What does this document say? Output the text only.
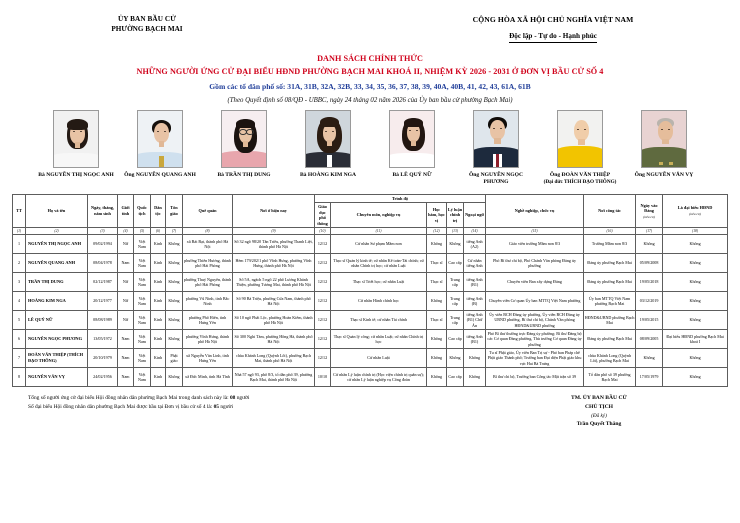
ỦY BAN BẦU CỬ
PHƯỜNG BẠCH MAI
CỘNG HÒA XÃ HỘI CHỦ NGHĨA VIỆT NAM
Độc lập - Tự do - Hạnh phúc
DANH SÁCH CHÍNH THỨC
NHỮNG NGƯỜI ỨNG CỬ ĐẠI BIỂU HĐND PHƯỜNG BẠCH MAI KHOÁ II, NHIỆM KỲ 2026 - 2031 Ở ĐƠN VỊ BẦU CỬ SỐ 4
Gồm các tổ dân phố số: 31A, 31B, 32A, 32B, 33, 34, 35, 36, 37, 38, 39, 40A, 40B, 41, 42, 43, 61A, 61B
(Theo Quyết định số 08/QĐ - UBBC, ngày 24 tháng 02 năm 2026 của Ủy ban bầu cử phường Bạch Mai)
Bà NGUYỄN THỊ NGỌC ANH Ông NGUYỄN QUANG ANH	Bà TRẦN THỊ DUNG	Bà HOÀNG KIM NGA	Bà LÊ QUÝ NỮ	Ông NGUYỄN NGỌC PHƯƠNG
Ông ĐOÀN VĂN THIỆP
(Đại đức THÍCH ĐẠO THÔNG)
Ông NGUYỄN VĂN VỴ
TT	Họ và tên	Ngày, tháng, năm sinh	Giới tính	Quốc tịch	Dân tộc	Tôn giáo	Quê quán	Nơi ở hiện nay	Trình độ					Nghề nghiệp, chức vụ	Nơi công tác	Ngày vào Đảng
(nếu có)	Là đại biểu HĐND
(nếu có)
									Giáo dục phổ thông	Chuyên môn, nghiệp vụ	Học hàm, học vị	Lý luận chính trị	Ngoại ngữ				
(1)	(2)	(3)	(4)	(5)	(6)	(7)	(8)	(9)	(10)	(11)	(12)	(13)	(14)	(15)	(16)	(17)	(18)
1	NGUYỄN THỊ NGỌC ANH	09/02/1994	Nữ	Việt Nam	Kinh	Không	xã Bát Bạt, thành phố Hà Nội	Số 32 ngõ 98/20 Tân Triều, phường Thanh Liệt, thành phố Hà Nội	12/12	Cử nhân Sư phạm Mầm non	Không	Không	tiếng Anh (A2)	Giáo viên trường Mầm non 8/3	Trường Mầm non 8/3	Không	Không
2	NGUYỄN QUANG ANH	08/04/1978	Nam	Việt Nam	Kinh	Không	phường Thiên Hương, thành phố Hải Phòng	Hẻm 179/202/1 phố Vĩnh Hưng, phường Vĩnh Hưng, thành phố Hà Nội	12/12	Thạc sĩ Quản lý kinh tế; cử nhân Kế toán-Tài chính; cử nhân Chính trị học; cử nhân Luật	Thạc sĩ	Cao cấp	Cử nhân tiếng Anh	Phó Bí thư chi bộ, Phó Chánh Văn phòng Đảng ủy phường	Đảng ủy phường Bạch Mai	05/09/2008	Không
3	TRẦN THỊ DUNG	02/12/1987	Nữ	Việt Nam	Kinh	Không	phường Thuỷ Nguyên, thành phố Hải Phòng	Số 5A, ngách 5 ngõ 22 phố Lương Khánh Thiện, phường Tương Mai, thành phố Hà Nội	12/12	Thạc sĩ Triết học; cử nhân Luật	Thạc sĩ	Trung cấp	tiếng Anh (B1)	Chuyên viên Ban xây dựng Đảng	Đảng ủy phường Bạch Mai	19/05/2018	Không
4	HOÀNG KIM NGA	20/12/1977	Nữ	Việt Nam	Kinh	Không	phường Vũ Ninh, tỉnh Bắc Ninh	Số 90 Bà Triệu, phường Cửa Nam, thành phố Hà Nội	12/12	Cử nhân Hành chính học	Không	Trung cấp	tiếng Anh (B)	Chuyên viên Cơ quan Ủy ban MTTQ Việt Nam phường	Ủy ban MTTQ Việt Nam phường Bạch Mai	03/12/2019	Không
5	LÊ QUÝ NỮ	08/08/1989	Nữ	Việt Nam	Kinh	Không	phường Phố Hiến, tỉnh Hưng Yên	Số 10 ngõ Phất Lộc, phường Hoàn Kiếm, thành phố Hà Nội	12/12	Thạc sĩ Kinh tế; cử nhân Tài chính	Thạc sĩ	Trung cấp	tiếng Anh (B1) Chữ Án	Ủy viên BCH Đảng ủy phường, Ủy viên BCH Đảng ủy UBND phường, Bí thư chi bộ, Chánh Văn phòng HĐND&UBND phường	HĐND&UBND phường Bạch Mai	19/05/2015	Không
6	NGUYỄN NGỌC PHƯƠNG	13/05/1972	Nam	Việt Nam	Kinh	Không	phường Vĩnh Hưng, thành phố Hà Nội	Số 300 Nghi Tàm, phường Hồng Hà, thành phố Hà Nội	12/12	Thạc sĩ Quản lý công; cử nhân Luật; cử nhân Chính trị học	Không	Cao cấp	tiếng Anh (B1)	Phó Bí thư thường trực Đảng ủy phường; Bí thư Đảng bộ các Cơ quan Đảng phường, Thủ trưởng Cơ quan Đảng ủy phường	Đảng ủy phường Bạch Mai	08/09/2005	Đại biểu HĐND phường Bạch Mai khoá I
7	ĐOÀN VĂN THIỆP (THÍCH ĐẠO THÔNG)	20/10/1979	Nam	Việt Nam	Kinh	Phật giáo	xã Nguyễn Văn Linh, tỉnh Hưng Yên	chùa Khánh Long (Quỳnh Lôi), phường Bạch Mai, thành phố Hà Nội	12/12	Cử nhân Luật	Không	Không	Không	Tu sĩ Phật giáo, Ủy viên Ban Trị sự - Phó ban Pháp chế Phật giáo Thành phố; Trưởng ban Đại diện Phật giáo khu vực Hai Bà Trưng	chùa Khánh Long (Quỳnh Lôi), phường Bạch Mai	Không	Không
8	NGUYỄN VĂN VỴ	24/02/1956	Nam	Việt Nam	Kinh	Không	xã Đức Minh, tỉnh Hà Tĩnh	Nhà 57 ngõ 93, phố 8/3, tổ dân phố 39, phường Bạch Mai, thành phố Hà Nội	10/10	Cử nhân Lý luận chính trị (Học viện chính trị quân sự); cử nhân Lý luận nghiệp vụ Công đoàn	Không	Cao cấp	Không	Bí thư chi bộ, Trưởng ban Công tác Mặt trận số 39	Tổ dân phố số 39 phường Bạch Mai	17/05/1979	Không
Tổng số người ứng cử đại biểu Hội đồng nhân dân phường Bạch Mai trong danh sách này là: 08 người
Số đại biểu Hội đồng nhân dân phường Bạch Mai được bầu tại Đơn vị bầu cử số 4 là: 05 người
TM. ỦY BAN BẦU CỬ
CHỦ TỊCH
(Đã ký)
Trần Quyết Thắng
